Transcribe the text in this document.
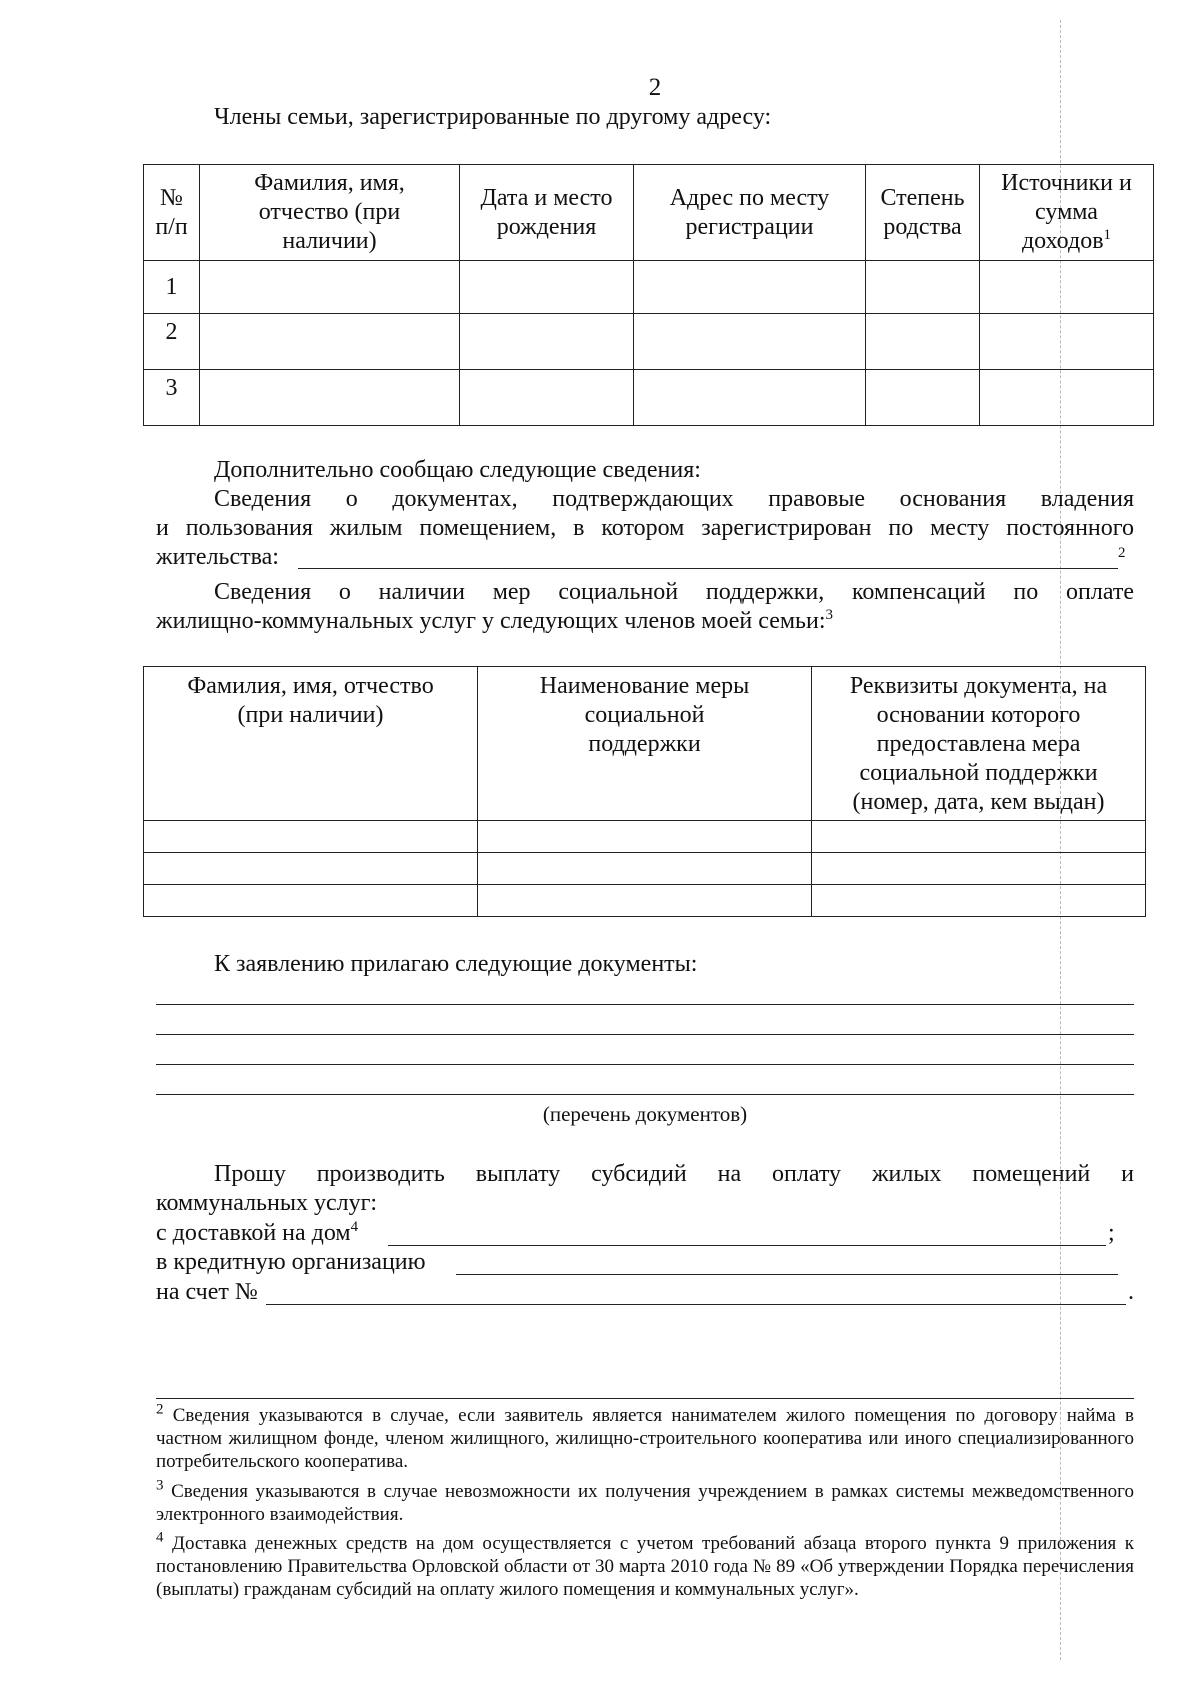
2
Члены семьи, зарегистрированные по другому адресу:
№ п/п	Фамилия, имя, отчество (при наличии)	Дата и место рождения	Адрес по месту регистрации	Степень родства	Источники и сумма доходов$^1$
1					
2					
3					
Дополнительно сообщаю следующие сведения:
Сведения о документах, подтверждающих правовые основания владения
и пользования жилым помещением, в котором зарегистрирован по месту постоянного
жительства:	2
Сведения о наличии мер социальной поддержки, компенсаций по оплате
жилищно-коммунальных услуг у следующих членов моей семьи:$^3$
Фамилия, имя, отчество (при наличии)	Наименование меры социальной поддержки	Реквизиты документа, на основании которого предоставлена мера социальной поддержки (номер, дата, кем выдан)

К заявлению прилагаю следующие документы:
(перечень документов)
Прошу производить выплату субсидий на оплату жилых помещений и
коммунальных услуг:
с доставкой на дом$^4$	;
в кредитную организацию
на счет №	.
$^2$ Сведения указываются в случае, если заявитель является нанимателем жилого помещения по договору найма в частном жилищном фонде, членом жилищного, жилищно-строительного кооператива или иного специализированного потребительского кооператива.
$^3$ Сведения указываются в случае невозможности их получения учреждением в рамках системы межведомственного электронного взаимодействия.
$^4$ Доставка денежных средств на дом осуществляется с учетом требований абзаца второго пункта 9 приложения к постановлению Правительства Орловской области от 30 марта 2010 года № 89 «Об утверждении Порядка перечисления (выплаты) гражданам субсидий на оплату жилого помещения и коммунальных услуг».
